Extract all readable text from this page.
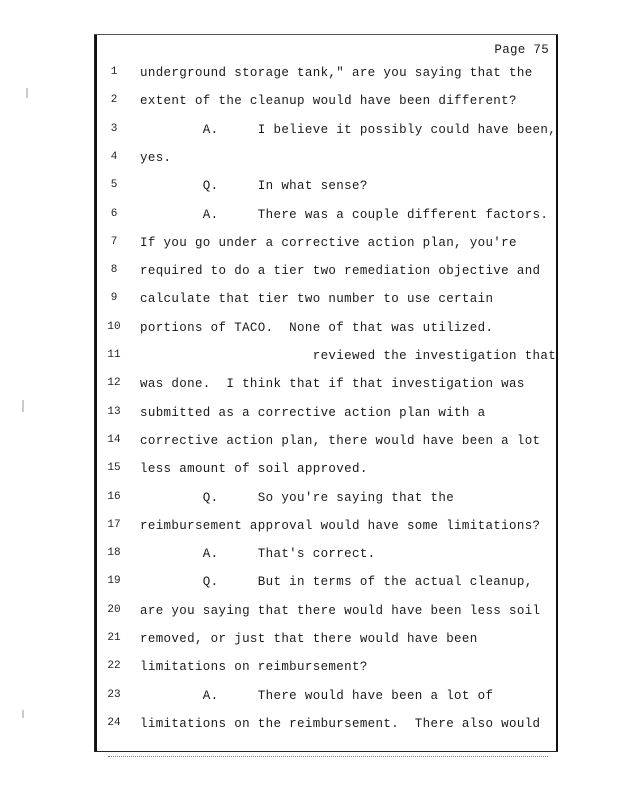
Page 75
1	underground storage tank," are you saying that the
2	extent of the cleanup would have been different?
3	A.     I believe it possibly could have been,
4	yes.
5	Q.     In what sense?
6	A.     There was a couple different factors.
7	If you go under a corrective action plan, you're
8	required to do a tier two remediation objective and
9	calculate that tier two number to use certain
10 portions of TACO.  None of that was utilized.
11 reviewed the investigation that
12 was done.  I think that if that investigation was
13 submitted as a corrective action plan with a
14 corrective action plan, there would have been a lot
15 less amount of soil approved.
16 Q.     So you're saying that the
17 reimbursement approval would have some limitations?
18 A.     That's correct.
19 Q.     But in terms of the actual cleanup,
20 are you saying that there would have been less soil
21 removed, or just that there would have been
22 limitations on reimbursement?
23 A.     There would have been a lot of
24 limitations on the reimbursement.  There also would
